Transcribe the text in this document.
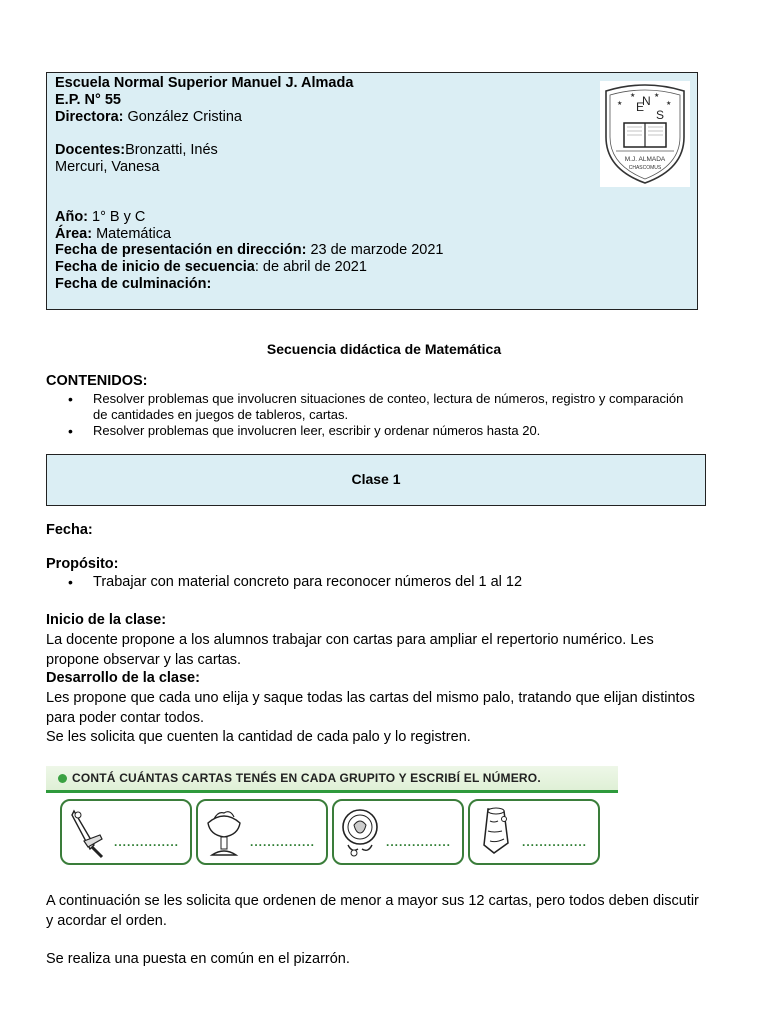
Escuela Normal Superior Manuel J. Almada
E.P. N° 55
Directora: González Cristina
Docentes:Bronzatti, Inés
Mercuri, Vanesa
Año: 1° B y C
Área: Matemática
Fecha de presentación en dirección: 23 de marzode 2021
Fecha de inicio de secuencia: de abril de 2021
Fecha de culminación:
★	★
★	★
E
N
S
M.J. ALMADA
CHASCOMUS
Secuencia didáctica de Matemática
CONTENIDOS:
• Resolver problemas que involucren situaciones de conteo, lectura de números, registro y comparación de cantidades en juegos de tableros, cartas.
• Resolver problemas que involucren leer, escribir y ordenar números hasta 20.
Clase 1
Fecha:
Propósito:
• Trabajar con material concreto para reconocer números del 1 al 12
Inicio de la clase:
La docente propone a los alumnos trabajar con cartas para ampliar el repertorio numérico. Les propone observar y las cartas.
Desarrollo de la clase:
Les propone que cada uno elija y saque todas las cartas del mismo palo, tratando que elijan distintos para poder contar todos.
Se les solicita que cuenten la cantidad de cada palo y lo registren.
CONTÁ CUÁNTAS CARTAS TENÉS EN CADA GRUPITO Y ESCRIBÍ EL NÚMERO.
...............	...............	...............	...............
A continuación se les solicita que ordenen de menor a mayor sus 12 cartas, pero todos deben discutir y acordar el orden.
Se realiza una puesta en común en el pizarrón.
